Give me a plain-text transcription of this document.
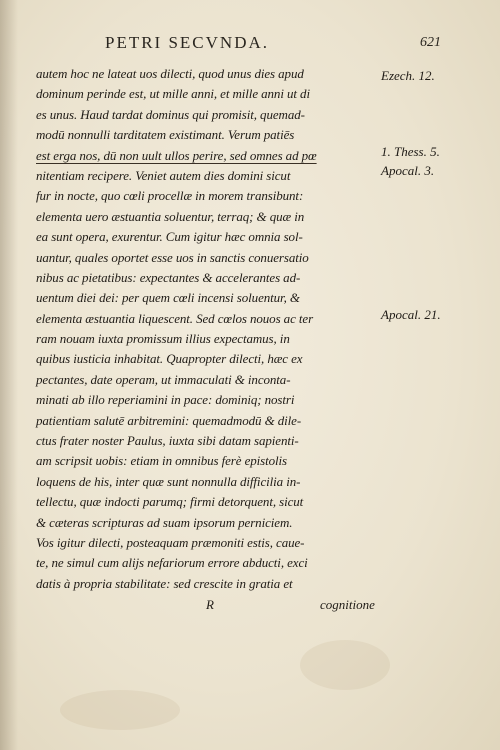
PETRI SECVNDA.	621
autem hoc ne lateat uos dilecti, quod unus dies apud
dominum perinde est, ut mille anni, et mille anni ut di
es unus. Haud tardat dominus qui promisit, quemad-
modū nonnulli tarditatem existimant. Verum patiēs
est erga nos, dū non uult ullos perire, sed omnes ad pœ
nitentiam recipere. Veniet autem dies domini sicut
fur in nocte, quo cœli procellæ in morem transibunt:
elementa uero æstuantia soluentur, terraq; & quæ in
ea sunt opera, exurentur. Cum igitur hæc omnia sol-
uantur, quales oportet esse uos in sanctis conuersatio
nibus ac pietatibus: expectantes & accelerantes ad-
uentum diei dei: per quem cœli incensi soluentur, &
elementa æstuantia liquescent. Sed cœlos nouos ac ter
ram nouam iuxta promissum illius expectamus, in
quibus iusticia inhabitat. Quapropter dilecti, hæc ex
pectantes, date operam, ut immaculati & inconta-
minati ab illo reperiamini in pace: dominiq; nostri
patientiam salutē arbitremini: quemadmodū & dile-
ctus frater noster Paulus, iuxta sibi datam sapienti-
am scripsit uobis: etiam in omnibus ferè epistolis
loquens de his, inter quæ sunt nonnulla difficilia in-
tellectu, quæ indocti parumq; firmi detorquent, sicut
& cæteras scripturas ad suam ipsorum perniciem.
Vos igitur dilecti, posteaquam præmoniti estis, caue-
te, ne simul cum alijs nefariorum errore abducti, exci
datis à propria stabilitate: sed crescite in gratia et
R	cognitione
Ezech. 12.
1. Thess. 5.
Apocal. 3.
Apocal. 21.
